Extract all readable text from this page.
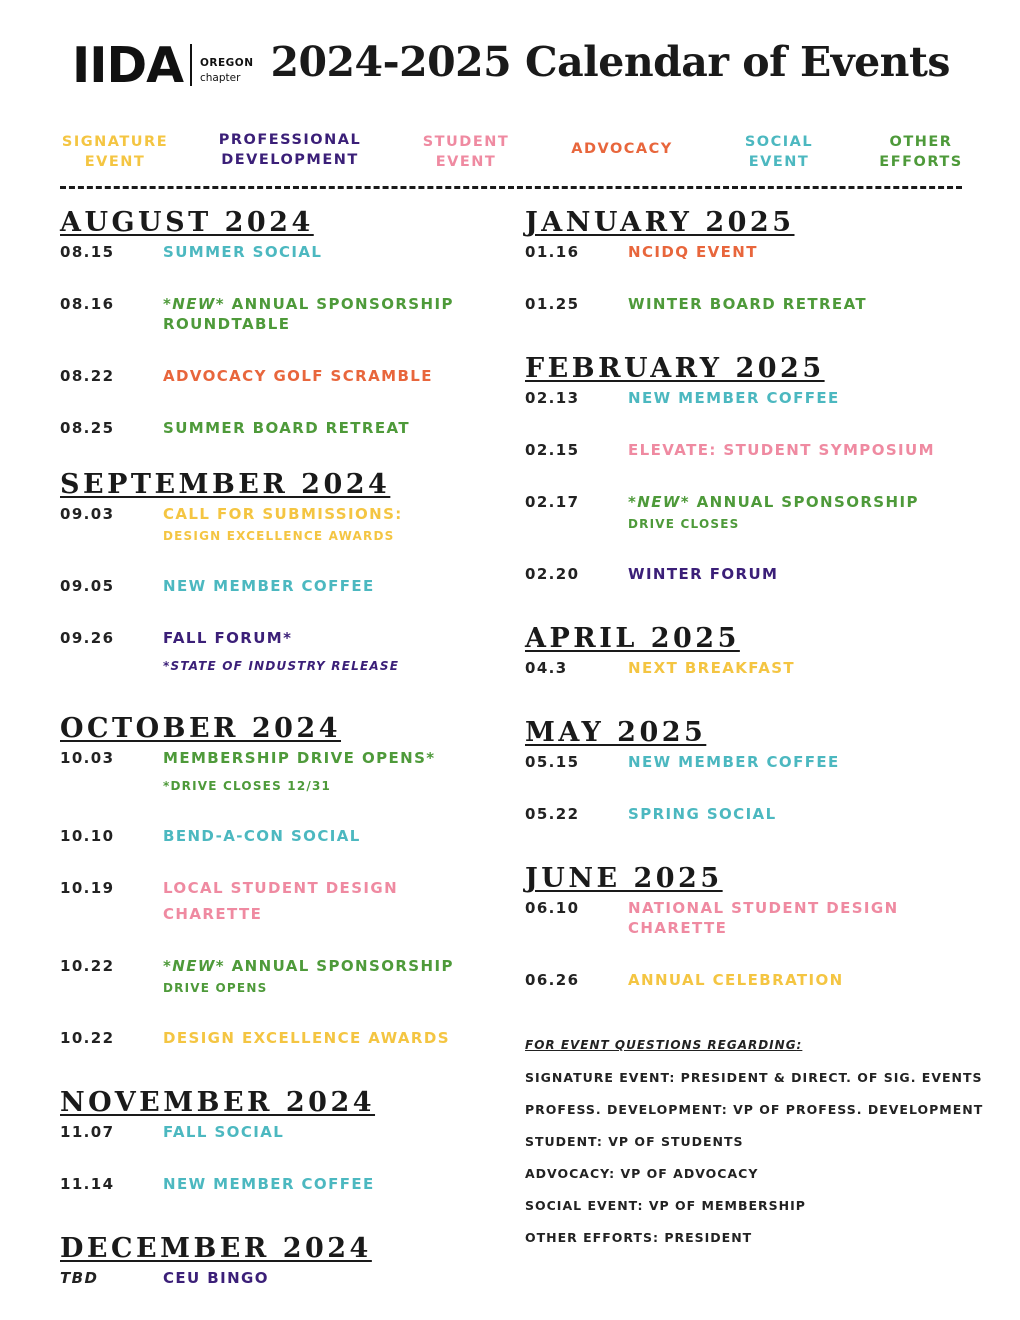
IIDA OREGON
chapter 2024-2025 Calendar of Events
SIGNATURE
EVENT
PROFESSIONAL
DEVELOPMENT
STUDENT
EVENT
ADVOCACY	SOCIAL
EVENT
OTHER
EFFORTS
AUGUST 2024
08.15	SUMMER SOCIAL
08.16	*NEW* ANNUAL SPONSORSHIP
ROUNDTABLE
08.22	ADVOCACY GOLF SCRAMBLE
08.25	SUMMER BOARD RETREAT
SEPTEMBER 2024
09.03	CALL FOR SUBMISSIONS:
DESIGN EXCELLENCE AWARDS
09.05	NEW MEMBER COFFEE
09.26	FALL FORUM*
*STATE OF INDUSTRY RELEASE
OCTOBER 2024
10.03	MEMBERSHIP DRIVE OPENS*
*DRIVE CLOSES 12/31
10.10	BEND-A-CON SOCIAL
10.19	LOCAL STUDENT DESIGN
CHARETTE
10.22	*NEW* ANNUAL SPONSORSHIP
DRIVE OPENS
10.22	DESIGN EXCELLENCE AWARDS
NOVEMBER 2024
11.07	FALL SOCIAL
11.14	NEW MEMBER COFFEE
DECEMBER 2024
TBD	CEU BINGO
JANUARY 2025
01.16	NCIDQ EVENT
01.25	WINTER BOARD RETREAT
FEBRUARY 2025
02.13	NEW MEMBER COFFEE
02.15	ELEVATE: STUDENT SYMPOSIUM
02.17	*NEW* ANNUAL SPONSORSHIP
DRIVE CLOSES
02.20	WINTER FORUM
APRIL 2025
04.3	NEXT BREAKFAST
MAY 2025
05.15	NEW MEMBER COFFEE
05.22	SPRING SOCIAL
JUNE 2025
06.10	NATIONAL STUDENT DESIGN
CHARETTE
06.26	ANNUAL CELEBRATION
FOR EVENT QUESTIONS REGARDING:
SIGNATURE EVENT: PRESIDENT & DIRECT. OF SIG. EVENTS
PROFESS. DEVELOPMENT: VP OF PROFESS. DEVELOPMENT
STUDENT: VP OF STUDENTS
ADVOCACY: VP OF ADVOCACY
SOCIAL EVENT: VP OF MEMBERSHIP
OTHER EFFORTS: PRESIDENT
